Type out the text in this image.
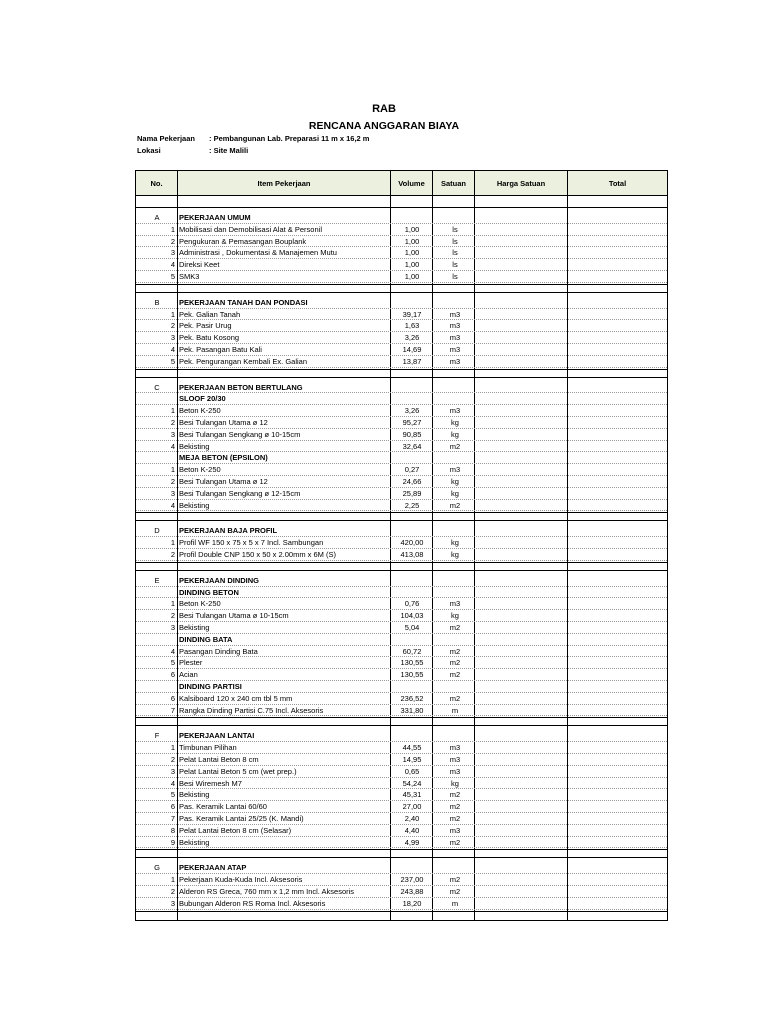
RAB
RENCANA ANGGARAN BIAYA
Nama Pekerjaan : Pembangunan Lab. Preparasi 11 m x 16,2 m
Lokasi	: Site Malili
No.	Item Pekerjaan	Volume	Satuan	Harga Satuan	Total
A	PEKERJAAN UMUM
1 Mobilisasi dan Demobilisasi Alat & Personil	1,00	ls
2 Pengukuran & Pemasangan Bouplank	1,00	ls
3 Administrasi , Dokumentasi & Manajemen Mutu	1,00	ls
4 Direksi Keet	1,00	ls
5 SMK3	1,00	ls
B	PEKERJAAN TANAH DAN PONDASI
1 Pek. Galian Tanah	39,17	m3
2 Pek. Pasir Urug	1,63	m3
3 Pek. Batu Kosong	3,26	m3
4 Pek. Pasangan Batu Kali	14,69	m3
5 Pek. Pengurangan Kembali Ex. Galian	13,87	m3
C	PEKERJAAN BETON BERTULANG
SLOOF 20/30
1 Beton K-250	3,26	m3
2 Besi Tulangan Utama ø 12	95,27	kg
3 Besi Tulangan Sengkang ø 10-15cm	90,85	kg
4 Bekisting	32,64	m2
MEJA BETON (EPSILON)
1 Beton K-250	0,27	m3
2 Besi Tulangan Utama ø 12	24,66	kg
3 Besi Tulangan Sengkang ø 12-15cm	25,89	kg
4 Bekisting	2,25	m2
D	PEKERJAAN BAJA PROFIL
1 Profil WF 150 x 75 x 5 x 7 Incl. Sambungan	420,00	kg
2 Profil Double CNP 150 x 50 x 2.00mm x 6M (S)	413,08	kg
E	PEKERJAAN DINDING
DINDING BETON
1 Beton K-250	0,76	m3
2 Besi Tulangan Utama ø 10-15cm	104,03	kg
3 Bekisting	5,04	m2
DINDING BATA
4 Pasangan Dinding Bata	60,72	m2
5 Plester	130,55	m2
6 Acian	130,55	m2
DINDING PARTISI
6 Kalsiboard 120 x 240 cm tbl 5 mm	236,52	m2
7 Rangka Dinding Partisi C.75 Incl. Aksesoris	331,80	m
F	PEKERJAAN LANTAI
1 Timbunan Pilihan	44,55	m3
2 Pelat Lantai Beton 8 cm	14,95	m3
3 Pelat Lantai Beton 5 cm (wet prep.)	0,65	m3
4 Besi Wiremesh M7	54,24	kg
5 Bekisting	45,31	m2
6 Pas. Keramik Lantai 60/60	27,00	m2
7 Pas. Keramik Lantai 25/25 (K. Mandi)	2,40	m2
8 Pelat Lantai Beton 8 cm (Selasar)	4,40	m3
9 Bekisting	4,99	m2
G	PEKERJAAN ATAP
1 Pekerjaan Kuda-Kuda Incl. Aksesoris	237,00	m2
2 Alderon RS Greca, 760 mm x 1,2 mm Incl. Aksesoris	243,88	m2
3 Bubungan Alderon RS Roma Incl. Aksesoris	18,20	m
